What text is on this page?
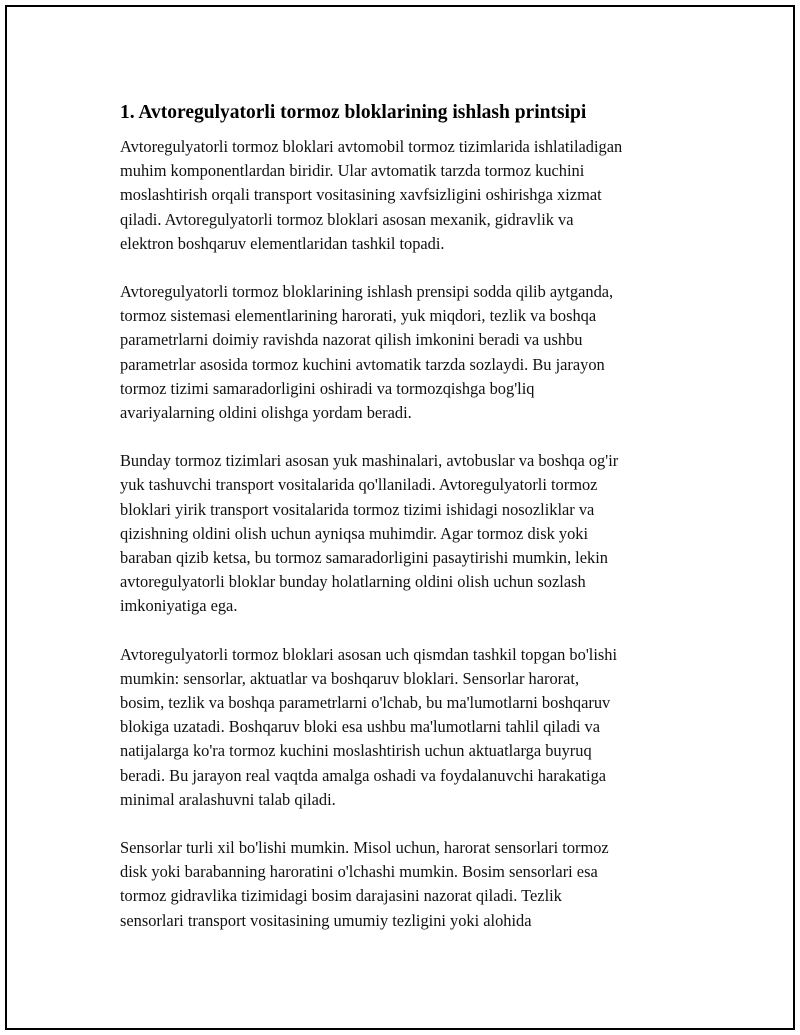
1. Avtoregulyatorli tormoz bloklarining ishlash printsipi

Avtoregulyatorli tormoz bloklari avtomobil tormoz tizimlarida ishlatiladigan
muhim komponentlardan biridir. Ular avtomatik tarzda tormoz kuchini
moslashtirish orqali transport vositasining xavfsizligini oshirishga xizmat
qiladi. Avtoregulyatorli tormoz bloklari asosan mexanik, gidravlik va
elektron boshqaruv elementlaridan tashkil topadi.

Avtoregulyatorli tormoz bloklarining ishlash prensipi sodda qilib aytganda,
tormoz sistemasi elementlarining harorati, yuk miqdori, tezlik va boshqa
parametrlarni doimiy ravishda nazorat qilish imkonini beradi va ushbu
parametrlar asosida tormoz kuchini avtomatik tarzda sozlaydi. Bu jarayon
tormoz tizimi samaradorligini oshiradi va tormozqishga bog'liq
avariyalarning oldini olishga yordam beradi.

Bunday tormoz tizimlari asosan yuk mashinalari, avtobuslar va boshqa og'ir
yuk tashuvchi transport vositalarida qo'llaniladi. Avtoregulyatorli tormoz
bloklari yirik transport vositalarida tormoz tizimi ishidagi nosozliklar va
qizishning oldini olish uchun ayniqsa muhimdir. Agar tormoz disk yoki
baraban qizib ketsa, bu tormoz samaradorligini pasaytirishi mumkin, lekin
avtoregulyatorli bloklar bunday holatlarning oldini olish uchun sozlash
imkoniyatiga ega.

Avtoregulyatorli tormoz bloklari asosan uch qismdan tashkil topgan bo'lishi
mumkin: sensorlar, aktuatlar va boshqaruv bloklari. Sensorlar harorat,
bosim, tezlik va boshqa parametrlarni o'lchab, bu ma'lumotlarni boshqaruv
blokiga uzatadi. Boshqaruv bloki esa ushbu ma'lumotlarni tahlil qiladi va
natijalarga ko'ra tormoz kuchini moslashtirish uchun aktuatlarga buyruq
beradi. Bu jarayon real vaqtda amalga oshadi va foydalanuvchi harakatiga
minimal aralashuvni talab qiladi.

Sensorlar turli xil bo'lishi mumkin. Misol uchun, harorat sensorlari tormoz
disk yoki barabanning haroratini o'lchashi mumkin. Bosim sensorlari esa
tormoz gidravlika tizimidagi bosim darajasini nazorat qiladi. Tezlik
sensorlari transport vositasining umumiy tezligini yoki alohida
